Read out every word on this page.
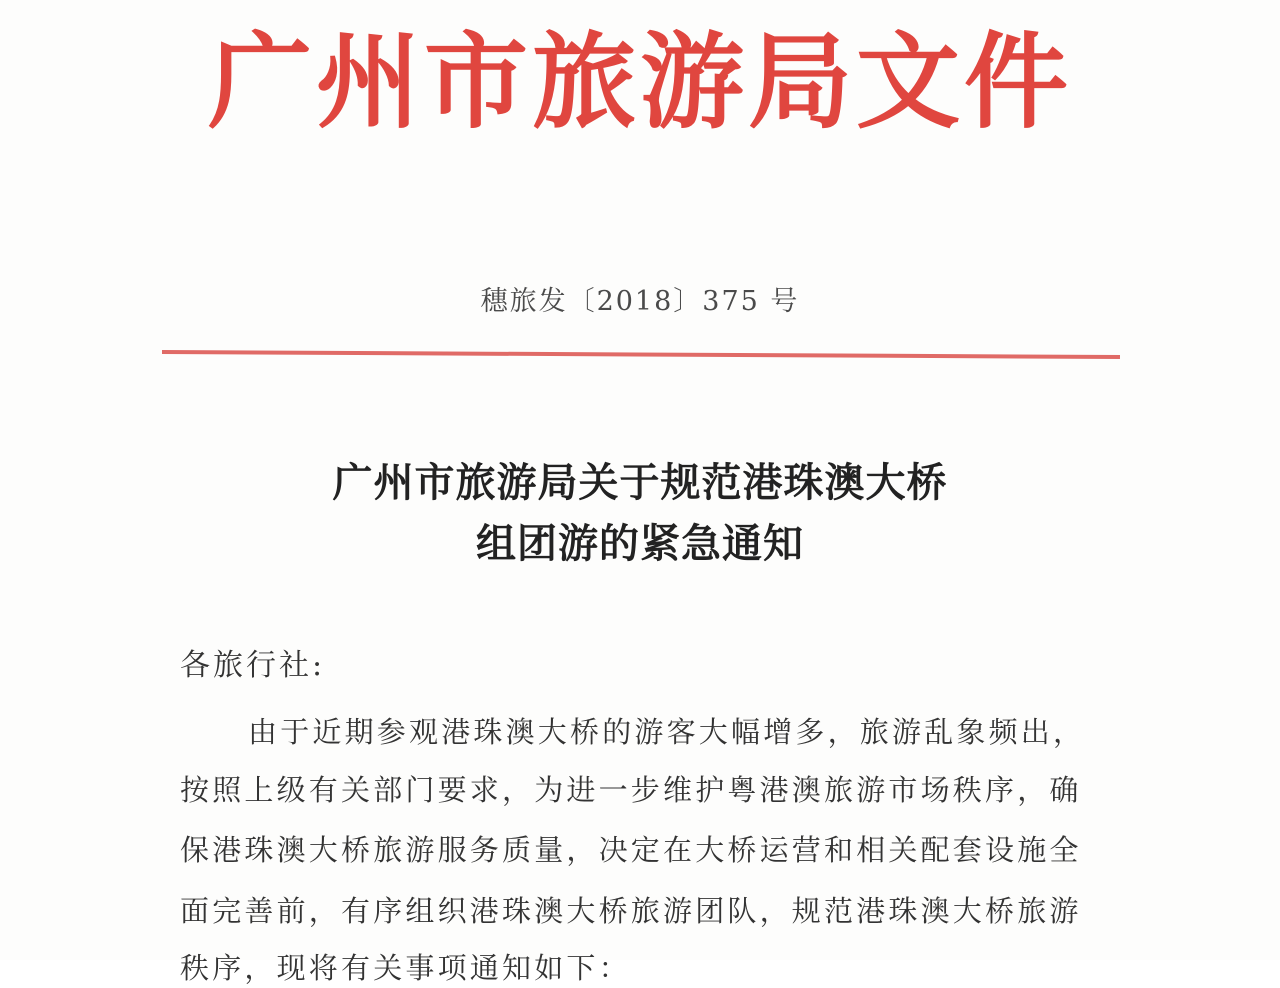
广州市旅游局文件
穗旅发〔2018〕375 号
广州市旅游局关于规范港珠澳大桥
组团游的紧急通知
各旅行社:
由于近期参观港珠澳大桥的游客大幅增多，旅游乱象频出，
按照上级有关部门要求，为进一步维护粤港澳旅游市场秩序，确
保港珠澳大桥旅游服务质量，决定在大桥运营和相关配套设施全
面完善前，有序组织港珠澳大桥旅游团队，规范港珠澳大桥旅游
秩序，现将有关事项通知如下：
